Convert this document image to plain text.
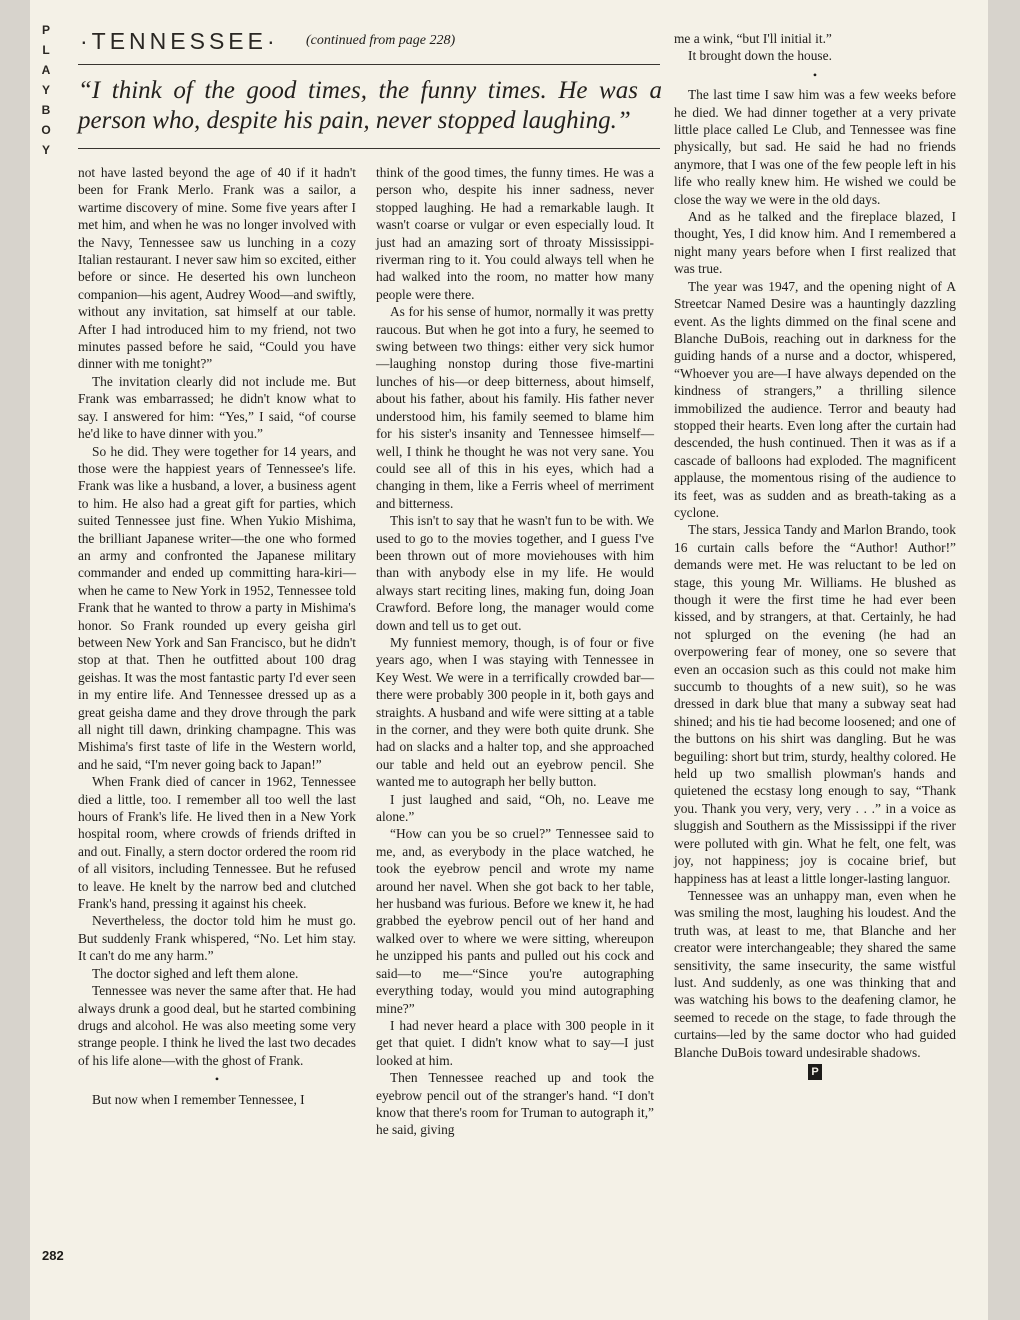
P
L
A
Y
B
O
Y
·TENNESSEE· (continued from page 228)
“I think of the good times, the funny times. He was a person who, despite his pain, never stopped laughing.”

not have lasted beyond the age of 40 if it hadn't been for Frank Merlo. Frank was a sailor, a wartime discovery of mine. Some five years after I met him, and when he was no longer involved with the Navy, Tennessee saw us lunching in a cozy Italian restaurant. I never saw him so excited, either before or since. He deserted his own luncheon companion—his agent, Audrey Wood—and swiftly, without any invitation, sat himself at our table. After I had introduced him to my friend, not two minutes passed before he said, “Could you have dinner with me tonight?”

The invitation clearly did not include me. But Frank was embarrassed; he didn't know what to say. I answered for him: “Yes,” I said, “of course he'd like to have dinner with you.”

So he did. They were together for 14 years, and those were the happiest years of Tennessee's life. Frank was like a husband, a lover, a business agent to him. He also had a great gift for parties, which suited Tennessee just fine. When Yukio Mishima, the brilliant Japanese writer—the one who formed an army and confronted the Japanese military commander and ended up committing hara-kiri—when he came to New York in 1952, Tennessee told Frank that he wanted to throw a party in Mishima's honor. So Frank rounded up every geisha girl between New York and San Francisco, but he didn't stop at that. Then he outfitted about 100 drag geishas. It was the most fantastic party I'd ever seen in my entire life. And Tennessee dressed up as a great geisha dame and they drove through the park all night till dawn, drinking champagne. This was Mishima's first taste of life in the Western world, and he said, “I'm never going back to Japan!”

When Frank died of cancer in 1962, Tennessee died a little, too. I remember all too well the last hours of Frank's life. He lived then in a New York hospital room, where crowds of friends drifted in and out. Finally, a stern doctor ordered the room rid of all visitors, including Tennessee. But he refused to leave. He knelt by the narrow bed and clutched Frank's hand, pressing it against his cheek.

Nevertheless, the doctor told him he must go. But suddenly Frank whispered, “No. Let him stay. It can't do me any harm.”

The doctor sighed and left them alone.

Tennessee was never the same after that. He had always drunk a good deal, but he started combining drugs and alcohol. He was also meeting some very strange people. I think he lived the last two decades of his life alone—with the ghost of Frank.

•

But now when I remember Tennessee, I

think of the good times, the funny times. He was a person who, despite his inner sadness, never stopped laughing. He had a remarkable laugh. It wasn't coarse or vulgar or even especially loud. It just had an amazing sort of throaty Mississippi-riverman ring to it. You could always tell when he had walked into the room, no matter how many people were there.

As for his sense of humor, normally it was pretty raucous. But when he got into a fury, he seemed to swing between two things: either very sick humor—laughing nonstop during those five-martini lunches of his—or deep bitterness, about himself, about his father, about his family. His father never understood him, his family seemed to blame him for his sister's insanity and Tennessee himself—well, I think he thought he was not very sane. You could see all of this in his eyes, which had a changing in them, like a Ferris wheel of merriment and bitterness.

This isn't to say that he wasn't fun to be with. We used to go to the movies together, and I guess I've been thrown out of more moviehouses with him than with anybody else in my life. He would always start reciting lines, making fun, doing Joan Crawford. Before long, the manager would come down and tell us to get out.

My funniest memory, though, is of four or five years ago, when I was staying with Tennessee in Key West. We were in a terrifically crowded bar—there were probably 300 people in it, both gays and straights. A husband and wife were sitting at a table in the corner, and they were both quite drunk. She had on slacks and a halter top, and she approached our table and held out an eyebrow pencil. She wanted me to autograph her belly button.

I just laughed and said, “Oh, no. Leave me alone.”

“How can you be so cruel?” Tennessee said to me, and, as everybody in the place watched, he took the eyebrow pencil and wrote my name around her navel. When she got back to her table, her husband was furious. Before we knew it, he had grabbed the eyebrow pencil out of her hand and walked over to where we were sitting, whereupon he unzipped his pants and pulled out his cock and said—to me—“Since you're autographing everything today, would you mind autographing mine?”

I had never heard a place with 300 people in it get that quiet. I didn't know what to say—I just looked at him.

Then Tennessee reached up and took the eyebrow pencil out of the stranger's hand. “I don't know that there's room for Truman to autograph it,” he said, giving

me a wink, “but I'll initial it.”

It brought down the house.

•

The last time I saw him was a few weeks before he died. We had dinner together at a very private little place called Le Club, and Tennessee was fine physically, but sad. He said he had no friends anymore, that I was one of the few people left in his life who really knew him. He wished we could be close the way we were in the old days.

And as he talked and the fireplace blazed, I thought, Yes, I did know him. And I remembered a night many years before when I first realized that was true.

The year was 1947, and the opening night of A Streetcar Named Desire was a hauntingly dazzling event. As the lights dimmed on the final scene and Blanche DuBois, reaching out in darkness for the guiding hands of a nurse and a doctor, whispered, “Whoever you are—I have always depended on the kindness of strangers,” a thrilling silence immobilized the audience. Terror and beauty had stopped their hearts. Even long after the curtain had descended, the hush continued. Then it was as if a cascade of balloons had exploded. The magnificent applause, the momentous rising of the audience to its feet, was as sudden and as breath-taking as a cyclone.

The stars, Jessica Tandy and Marlon Brando, took 16 curtain calls before the “Author! Author!” demands were met. He was reluctant to be led on stage, this young Mr. Williams. He blushed as though it were the first time he had ever been kissed, and by strangers, at that. Certainly, he had not splurged on the evening (he had an overpowering fear of money, one so severe that even an occasion such as this could not make him succumb to thoughts of a new suit), so he was dressed in dark blue that many a subway seat had shined; and his tie had become loosened; and one of the buttons on his shirt was dangling. But he was beguiling: short but trim, sturdy, healthy colored. He held up two smallish plowman's hands and quietened the ecstasy long enough to say, “Thank you. Thank you very, very, very . . .” in a voice as sluggish and Southern as the Mississippi if the river were polluted with gin. What he felt, one felt, was joy, not happiness; joy is cocaine brief, but happiness has at least a little longer-lasting languor.

Tennessee was an unhappy man, even when he was smiling the most, laughing his loudest. And the truth was, at least to me, that Blanche and her creator were interchangeable; they shared the same sensitivity, the same insecurity, the same wistful lust. And suddenly, as one was thinking that and was watching his bows to the deafening clamor, he seemed to recede on the stage, to fade through the curtains—led by the same doctor who had guided Blanche DuBois toward undesirable shadows.

P

282
